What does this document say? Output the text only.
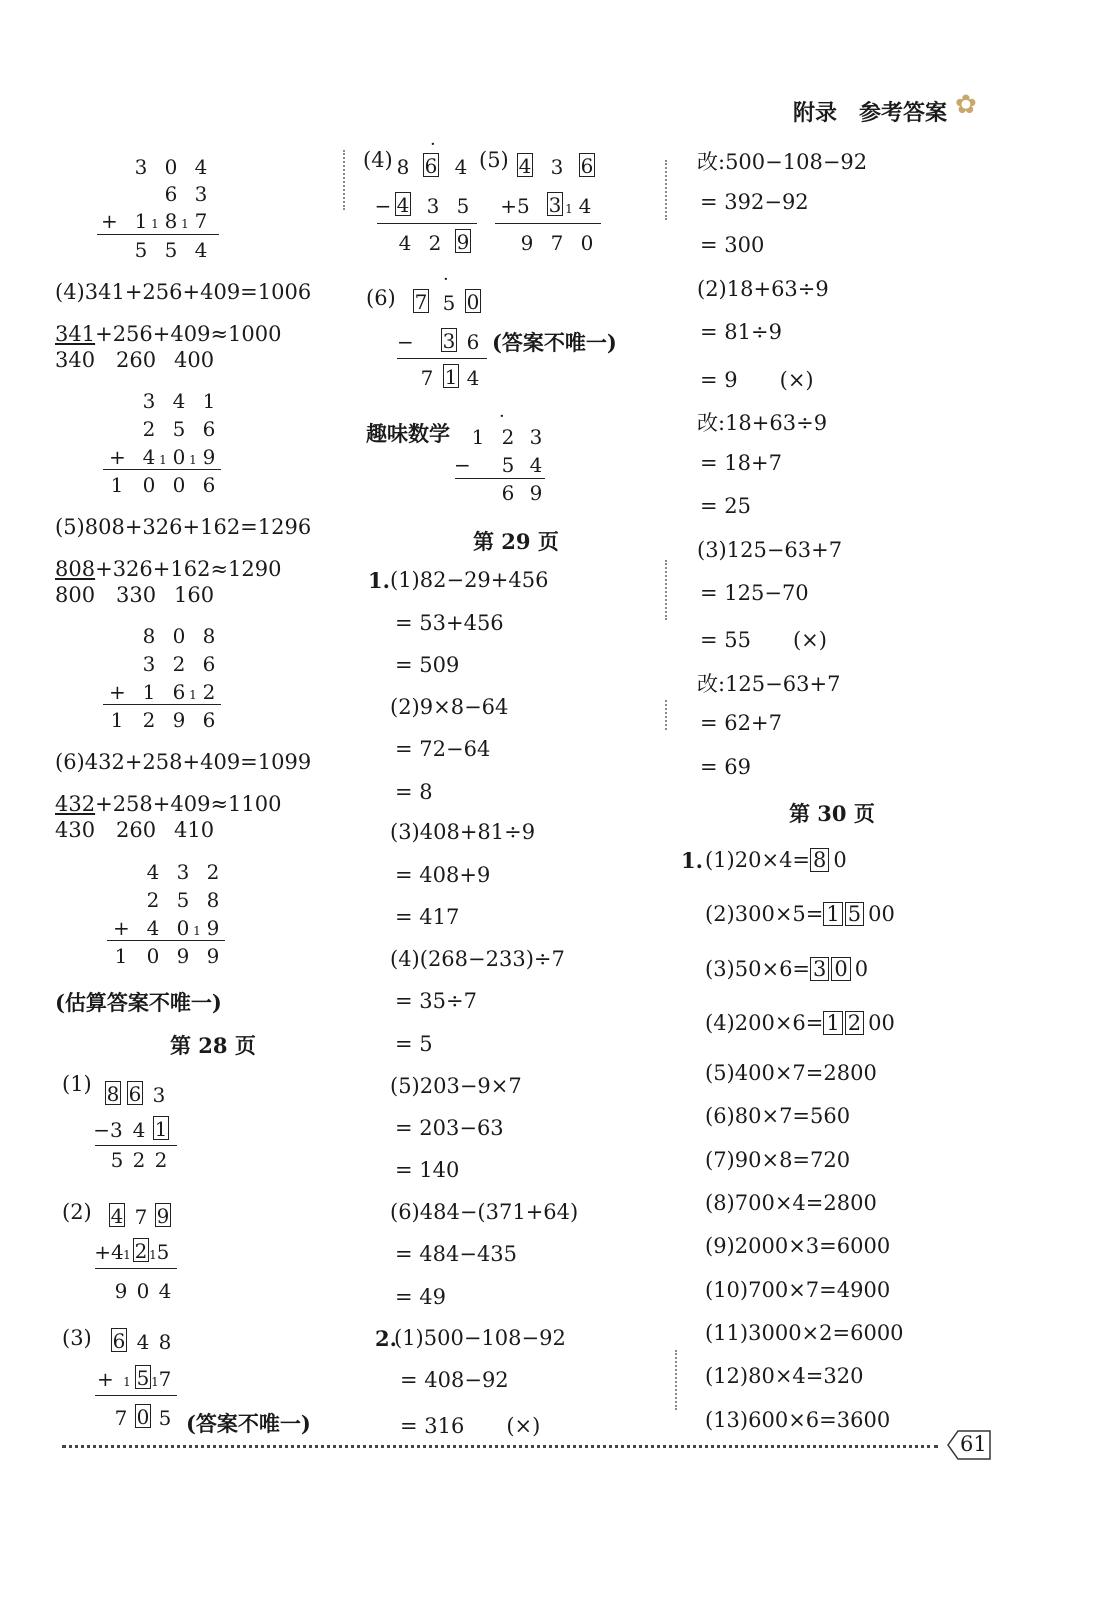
附录　参考答案 ✿
3 0 4
6 3
+ 1 1 8 1 7
5 5 4
(4)341+256+409=1006
341+256+409≈1000
340 260 400
3 4 1
2 5 6
+ 4 1 0 1 9
1 0 0 6
(5)808+326+162=1296
808+326+162≈1290
800 330 160
8 0 8
3 2 6
+ 1 6 1 2
1 2 9 6
(6)432+258+409=1099
432+258+409≈1100
430 260 410
4 3 2
2 5 8
+ 4 0 1 9
1 0 9 9
(估算答案不唯一)
第 28 页
(1) 8 6 3
−3 4 1
5 2 2
(2) 4 7 9
+4 1 2 1 5
9 0 4
(3) 6 4 8
+ 1 5 1 7
7 0 5 (答案不唯一)
(4) 8 6 4
·
− 4 3 5
4 2 9
(5) 4 3 6
+5 3 1 4
9 7 0
(6)
·
7 5 0
− 3 6
7 1 4
(答案不唯一)
趣味数学
·
1 2 3
− 5 4
6 9
第 29 页
1. (1)82−29+456
= 53+456
= 509
(2)9×8−64
= 72−64
= 8
(3)408+81÷9
= 408+9
= 417
(4)(268−233)÷7
= 35÷7
= 5
(5)203−9×7
= 203−63
= 140
(6)484−(371+64)
= 484−435
= 49
2.
(1)500−108−92
= 408−92
= 316　　(×)
改:500−108−92
= 392−92
= 300
(2)18+63÷9
= 81÷9
= 9　　(×)
改:18+63÷9
= 18+7
= 25
(3)125−63+7
= 125−70
= 55　　(×)
改:125−63+7
= 62+7
= 69
第 30 页
1. (1)20×4= 8 0
(2)300×5= 1 5 00
(3)50×6= 3 0 0
(4)200×6= 1 2 00
(5)400×7=2800
(6)80×7=560
(7)90×8=720
(8)700×4=2800
(9)2000×3=6000
(10)700×7=4900
(11)3000×2=6000
(12)80×4=320
(13)600×6=3600
61
